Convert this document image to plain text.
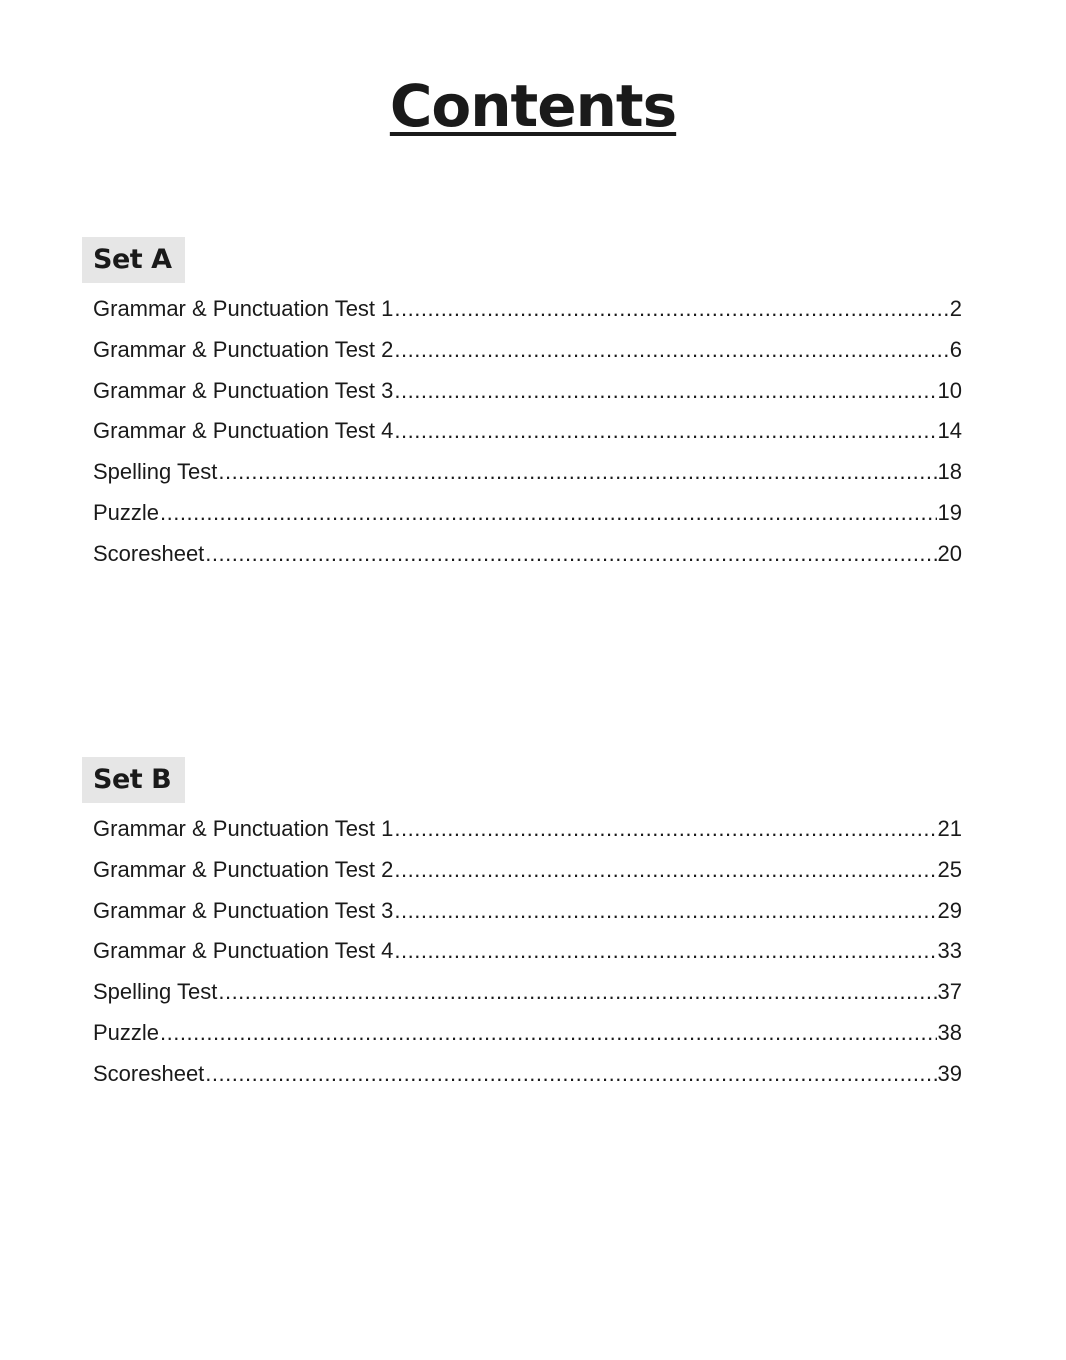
Contents
Set A
Grammar & Punctuation Test 1 .....	2
Grammar & Punctuation Test 2 .....	6
Grammar & Punctuation Test 3 .....	10
Grammar & Punctuation Test 4 .....	14
Spelling Test .....	18
Puzzle .....	19
Scoresheet .....	20
Set B
Grammar & Punctuation Test 1 .....	21
Grammar & Punctuation Test 2 .....	25
Grammar & Punctuation Test 3 .....	29
Grammar & Punctuation Test 4 .....	33
Spelling Test .....	37
Puzzle .....	38
Scoresheet .....	39
